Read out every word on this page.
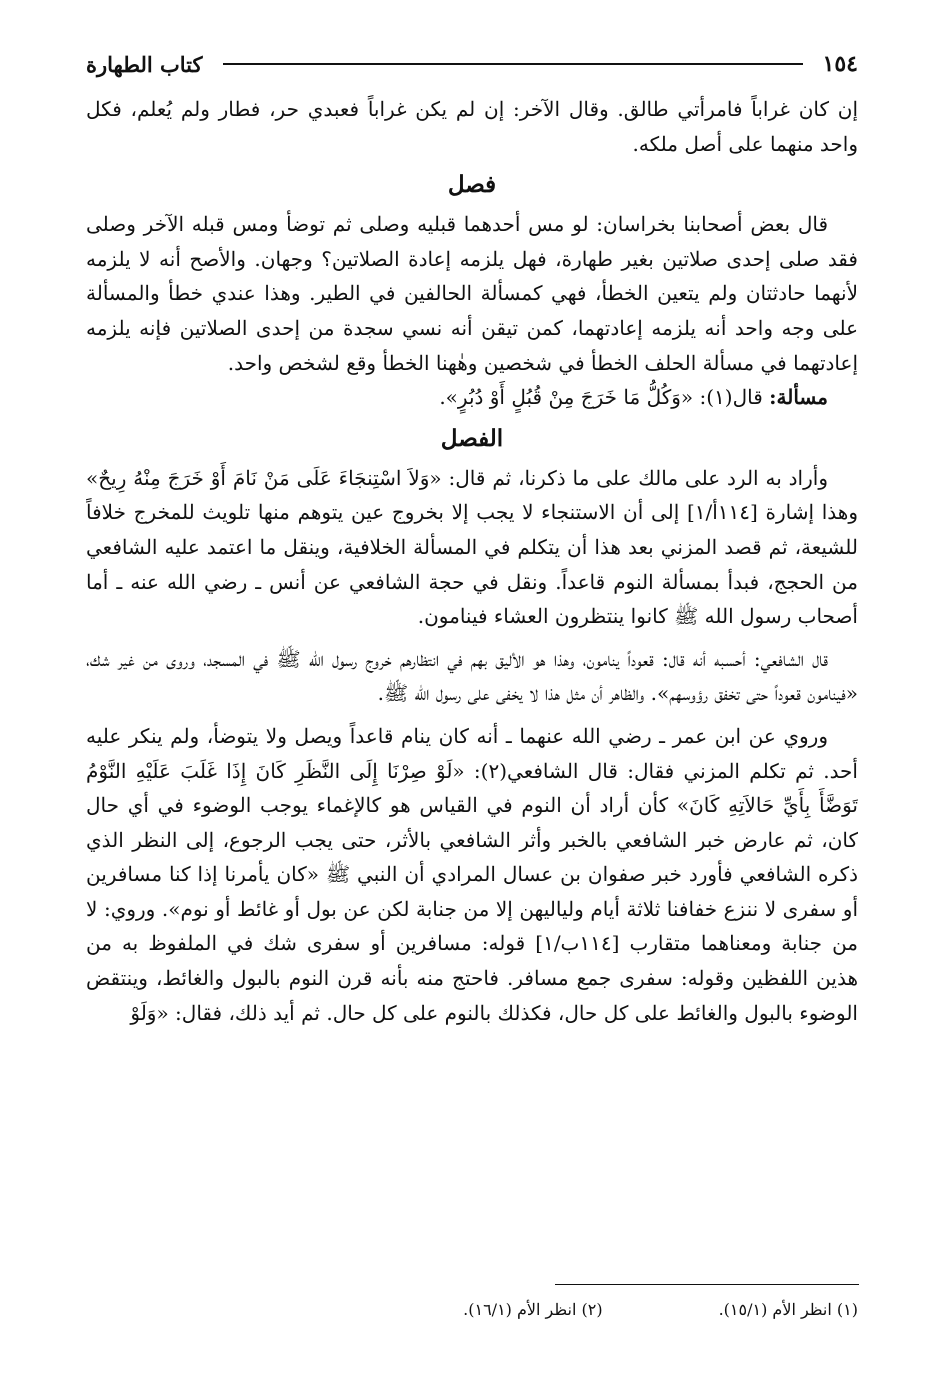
١٥٤
كتاب الطهارة

إن كان غراباً فامرأتي طالق. وقال الآخر: إن لم يكن غراباً فعبدي حر، فطار ولم يُعلم، فكل واحد منهما على أصل ملكه.

فصل

قال بعض أصحابنا بخراسان: لو مس أحدهما قبليه وصلى ثم توضأ ومس قبله الآخر وصلى فقد صلى إحدى صلاتين بغير طهارة، فهل يلزمه إعادة الصلاتين؟ وجهان. والأصح أنه لا يلزمه لأنهما حادثتان ولم يتعين الخطأ، فهي كمسألة الحالفين في الطير. وهذا عندي خطأ والمسألة على وجه واحد أنه يلزمه إعادتهما، كمن تيقن أنه نسي سجدة من إحدى الصلاتين فإنه يلزمه إعادتهما في مسألة الحلف الخطأ في شخصين وهٰهنا الخطأ وقع لشخص واحد.

مسألة: قال(١): «وَكُلُّ مَا خَرَجَ مِنْ قُبُلٍ أَوْ دُبُرٍ».

الفصل

وأراد به الرد على مالك على ما ذكرنا، ثم قال: «وَلاَ اسْتِنجَاءَ عَلَى مَنْ نَامَ أَوْ خَرَجَ مِنْهُ رِيحٌ» وهذا إشارة [١١٤أ/١] إلى أن الاستنجاء لا يجب إلا بخروج عين يتوهم منها تلويث للمخرج خلافاً للشيعة، ثم قصد المزني بعد هذا أن يتكلم في المسألة الخلافية، وينقل ما اعتمد عليه الشافعي من الحجج، فبدأ بمسألة النوم قاعداً. ونقل في حجة الشافعي عن أنس ـ رضي الله عنه ـ أما أصحاب رسول الله ﷺ كانوا ينتظرون العشاء فينامون.

قال الشافعي: أحسبه أنه قال: قعوداً ينامون، وهذا هو الأليق بهم في انتظارهم خروج رسول الله ﷺ في المسجد، وروى من غير شك، «فينامون قعوداً حتى تخفق رؤوسهم». والظاهر أن مثل هذا لا يخفى على رسول الله ﷺ.

وروي عن ابن عمر ـ رضي الله عنهما ـ أنه كان ينام قاعداً ويصل ولا يتوضأ، ولم ينكر عليه أحد. ثم تكلم المزني فقال: قال الشافعي(٢): «لَوْ صِرْنَا إِلَى النَّظَرِ كَانَ إِذَا غَلَبَ عَلَيْهِ النَّوْمُ تَوَضَّأَ بِأَيِّ حَالاَتِهِ كَانَ» كأن أراد أن النوم في القياس هو كالإغماء يوجب الوضوء في أي حال كان، ثم عارض خبر الشافعي بالخبر وأثر الشافعي بالأثر، حتى يجب الرجوع، إلى النظر الذي ذكره الشافعي فأورد خبر صفوان بن عسال المرادي أن النبي ﷺ «كان يأمرنا إذا كنا مسافرين أو سفرى لا ننزع خفافنا ثلاثة أيام ولياليهن إلا من جنابة لكن عن بول أو غائط أو نوم». وروي: لا من جنابة ومعناهما متقارب [١١٤ب/١] قوله: مسافرين أو سفرى شك في الملفوظ به من هذين اللفظين وقوله: سفرى جمع مسافر. فاحتج منه بأنه قرن النوم بالبول والغائط، وينتقض الوضوء بالبول والغائط على كل حال، فكذلك بالنوم على كل حال. ثم أيد ذلك، فقال: «وَلَوْ

(١) انظر الأم (١٥/١).
(٢) انظر الأم (١٦/١).
